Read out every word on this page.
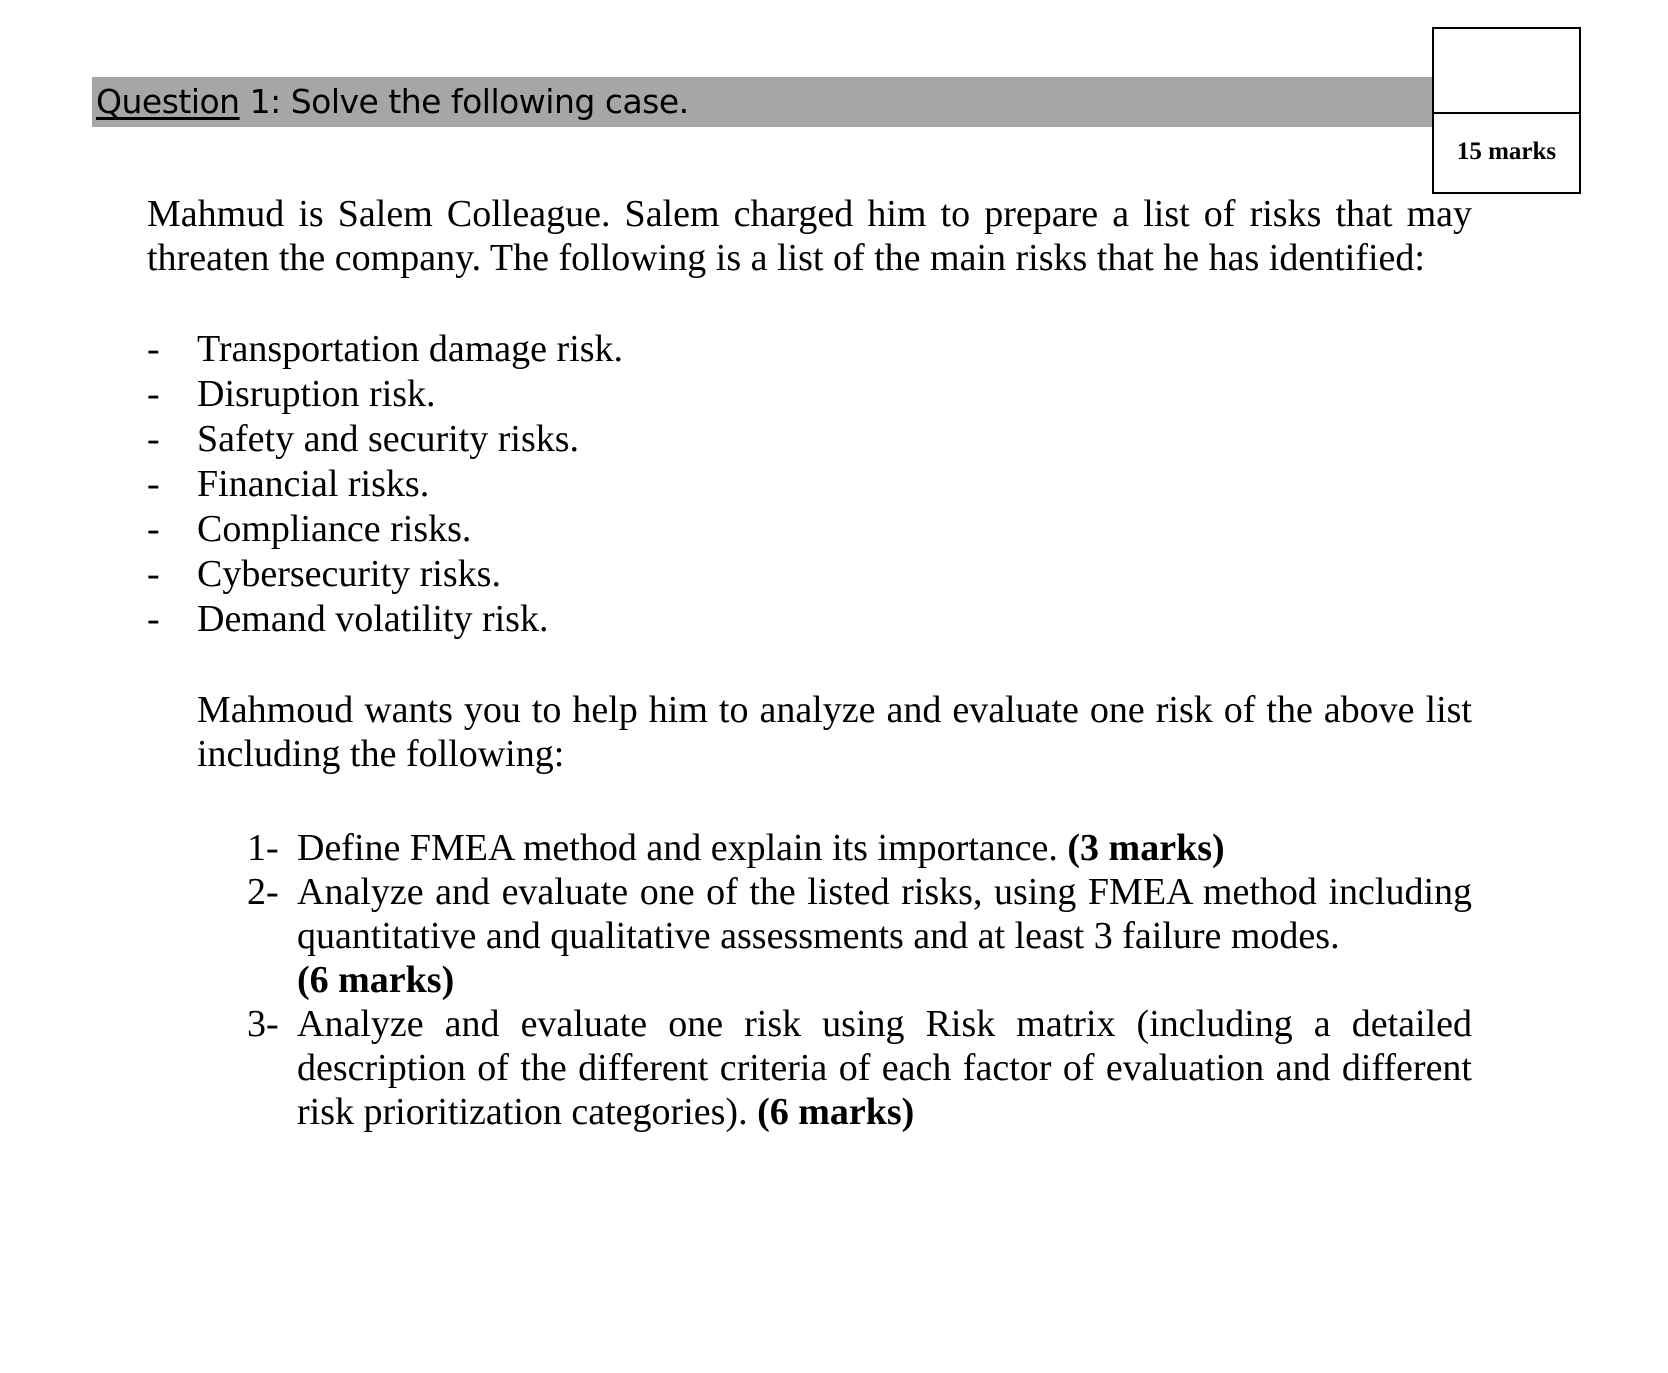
Question 1: Solve the following case.
15 marks
Mahmud is Salem Colleague. Salem charged him to prepare a list of risks that may threaten the company. The following is a list of the main risks that he has identified:
- Transportation damage risk.
- Disruption risk.
- Safety and security risks.
- Financial risks.
- Compliance risks.
- Cybersecurity risks.
- Demand volatility risk.
Mahmoud wants you to help him to analyze and evaluate one risk of the above list including the following:
1- Define FMEA method and explain its importance. (3 marks)
2- Analyze and evaluate one of the listed risks, using FMEA method including quantitative and qualitative assessments and at least 3 failure modes.
(6 marks)
3- Analyze and evaluate one risk using Risk matrix (including a detailed description of the different criteria of each factor of evaluation and different risk prioritization categories). (6 marks)
